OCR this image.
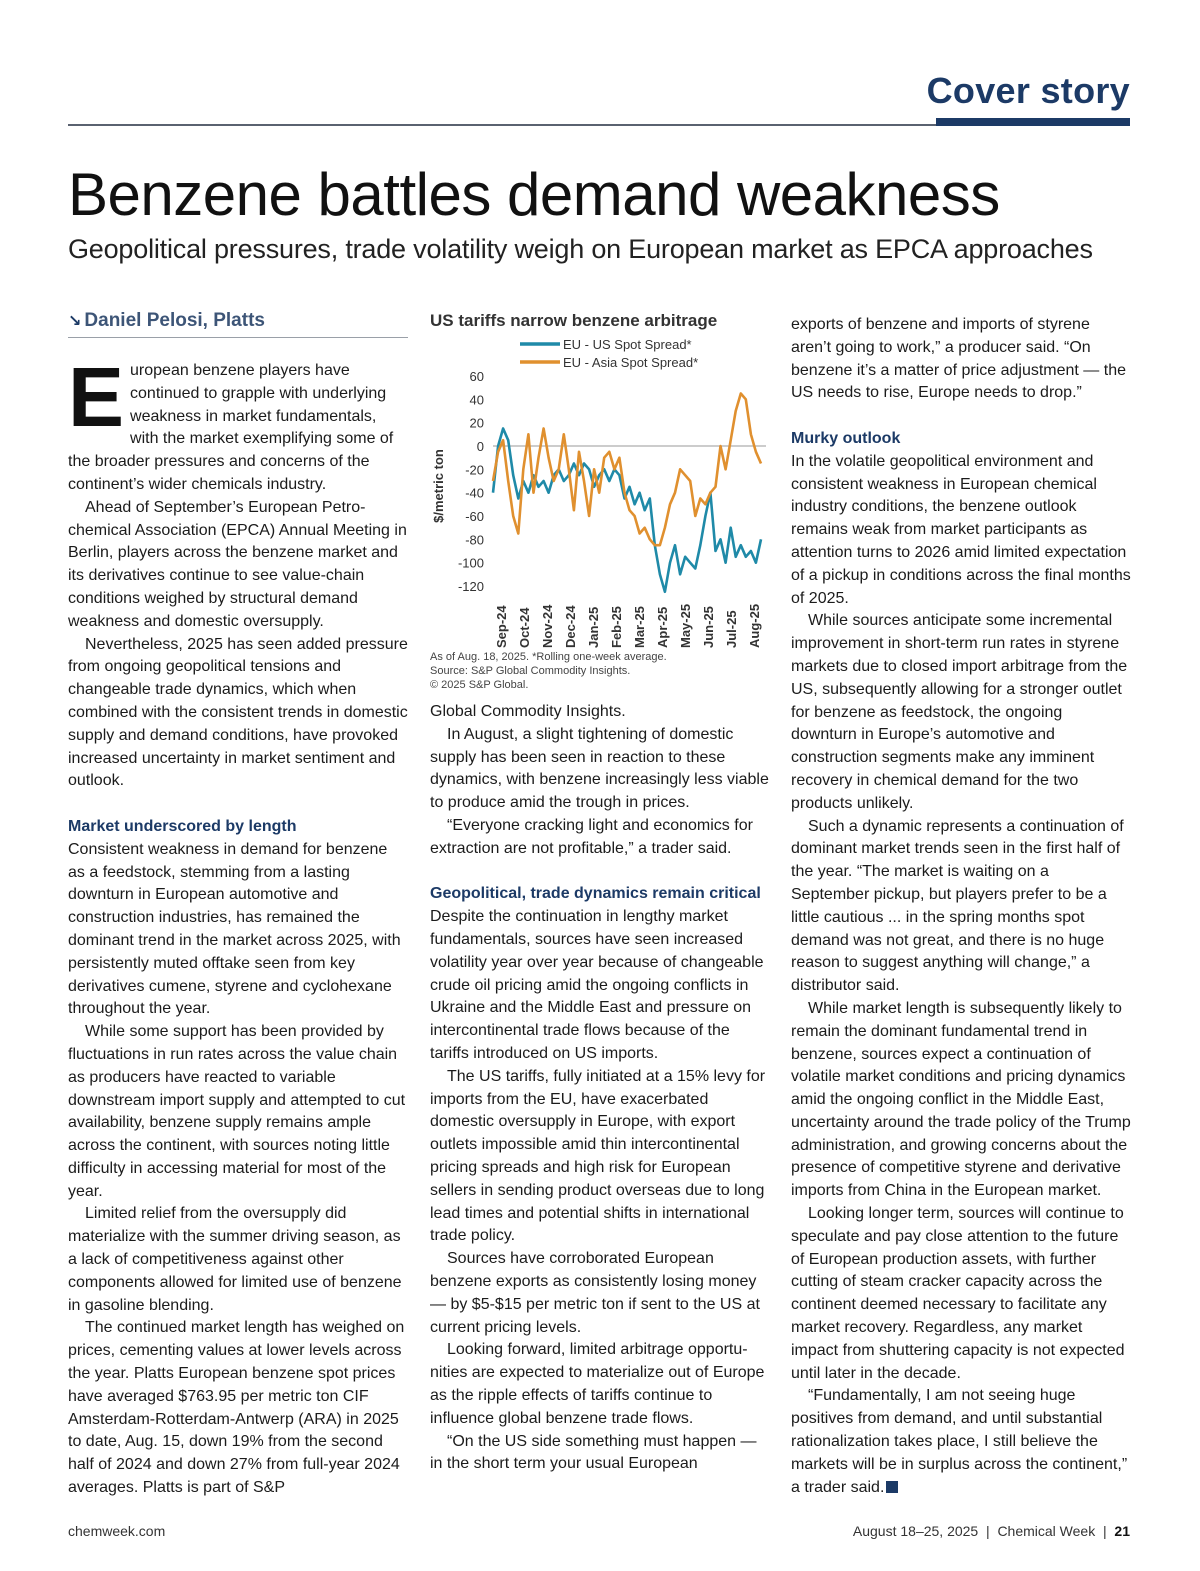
Cover story
Benzene battles demand weakness
Geopolitical pressures, trade volatility weigh on European market as EPCA approaches
↘ Daniel Pelosi, Platts

European benzene players have continued to grapple with underlying weakness in market fundamentals, with the market exemplifying some of the broader pressures and concerns of the continent’s wider chemicals industry.

Ahead of September’s European Petrochemical Association (EPCA) Annual Meeting in Berlin, players across the benzene market and its derivatives continue to see value-chain conditions weighed by structural demand weakness and domestic oversupply.

Nevertheless, 2025 has seen added pressure from ongoing geopolitical tensions and changeable trade dynamics, which when combined with the consistent trends in domestic supply and demand conditions, have provoked increased uncertainty in market sentiment and outlook.

Market underscored by length

Consistent weakness in demand for benzene as a feedstock, stemming from a lasting downturn in European automotive and construction industries, has remained the dominant trend in the market across 2025, with persistently muted offtake seen from key derivatives cumene, styrene and cyclohexane throughout the year.

While some support has been provided by fluctuations in run rates across the value chain as producers have reacted to variable downstream import supply and attempted to cut availability, benzene supply remains ample across the continent, with sources noting little difficulty in accessing material for most of the year.

Limited relief from the oversupply did materialize with the summer driving season, as a lack of competitiveness against other components allowed for limited use of benzene in gasoline blending.

The continued market length has weighed on prices, cementing values at lower levels across the year. Platts European benzene spot prices have averaged $763.95 per metric ton CIF Amsterdam-Rotterdam-Antwerp (ARA) in 2025 to date, Aug. 15, down 19% from the second half of 2024 and down 27% from full-year 2024 averages. Platts is part of S&P

US tariffs narrow benzene arbitrage
EU - US Spot Spread*
EU - Asia Spot Spread*
$/metric ton
60
40
20
0
-20
-40
-60
-80
-100
-120
Sep-24 Oct-24 Nov-24 Dec-24 Jan-25 Feb-25 Mar-25 Apr-25 May-25 Jun-25 Jul-25 Aug-25
As of Aug. 18, 2025. *Rolling one-week average.
Source: S&P Global Commodity Insights.
© 2025 S&P Global.

Global Commodity Insights.

In August, a slight tightening of domestic supply has been seen in reaction to these dynamics, with benzene increasingly less viable to produce amid the trough in prices.

“Everyone cracking light and economics for extraction are not profitable,” a trader said.

Geopolitical, trade dynamics remain critical

Despite the continuation in lengthy market fundamentals, sources have seen increased volatility year over year because of changeable crude oil pricing amid the ongoing conflicts in Ukraine and the Middle East and pressure on intercontinental trade flows because of the tariffs introduced on US imports.

The US tariffs, fully initiated at a 15% levy for imports from the EU, have exacerbated domestic oversupply in Europe, with export outlets impossible amid thin intercontinental pricing spreads and high risk for European sellers in sending product overseas due to long lead times and potential shifts in international trade policy.

Sources have corroborated European benzene exports as consistently losing money — by $5-$15 per metric ton if sent to the US at current pricing levels.

Looking forward, limited arbitrage opportunities are expected to materialize out of Europe as the ripple effects of tariffs continue to influence global benzene trade flows.

“On the US side something must happen — in the short term your usual European

exports of benzene and imports of styrene aren’t going to work,” a producer said. “On benzene it’s a matter of price adjustment — the US needs to rise, Europe needs to drop.”

Murky outlook

In the volatile geopolitical environment and consistent weakness in European chemical industry conditions, the benzene outlook remains weak from market participants as attention turns to 2026 amid limited expectation of a pickup in conditions across the final months of 2025.

While sources anticipate some incremental improvement in short-term run rates in styrene markets due to closed import arbitrage from the US, subsequently allowing for a stronger outlet for benzene as feedstock, the ongoing downturn in Europe’s automotive and construction segments make any imminent recovery in chemical demand for the two products unlikely.

Such a dynamic represents a continuation of dominant market trends seen in the first half of the year. “The market is waiting on a September pickup, but players prefer to be a little cautious ... in the spring months spot demand was not great, and there is no huge reason to suggest anything will change,” a distributor said.

While market length is subsequently likely to remain the dominant fundamental trend in benzene, sources expect a continuation of volatile market conditions and pricing dynamics amid the ongoing conflict in the Middle East, uncertainty around the trade policy of the Trump administration, and growing concerns about the presence of competitive styrene and derivative imports from China in the European market.

Looking longer term, sources will continue to speculate and pay close attention to the future of European production assets, with further cutting of steam cracker capacity across the continent deemed necessary to facilitate any market recovery. Regardless, any market impact from shuttering capacity is not expected until later in the decade.

“Fundamentally, I am not seeing huge positives from demand, and until substantial rationalization takes place, I still believe the markets will be in surplus across the continent,” a trader said.

chemweek.com	August 18–25, 2025 | Chemical Week | 21
